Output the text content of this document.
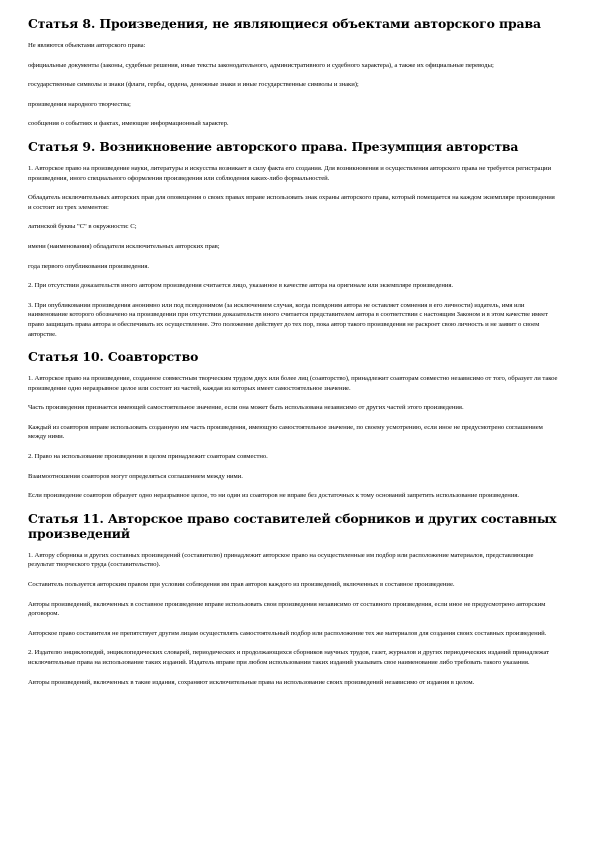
Статья 8. Произведения, не являющиеся объектами авторского права

Не являются объектами авторского права:

официальные документы (законы, судебные решения, иные тексты законодательного, административного и судебного характера), а также их официальные переводы;

государственные символы и знаки (флаги, гербы, ордена, денежные знаки и иные государственные символы и знаки);

произведения народного творчества;

сообщения о событиях и фактах, имеющие информационный характер.

Статья 9. Возникновение авторского права. Презумпция авторства

1. Авторское право на произведение науки, литературы и искусства возникает в силу факта его создания. Для возникновения и осуществления авторского права не требуется регистрации произведения, иного специального оформления произведения или соблюдения каких-либо формальностей.

Обладатель исключительных авторских прав для оповещения о своих правах вправе использовать знак охраны авторского права, который помещается на каждом экземпляре произведения и состоит из трех элементов:

латинской буквы "C" в окружности: C;

имени (наименования) обладателя исключительных авторских прав;

года первого опубликования произведения.

2. При отсутствии доказательств иного автором произведения считается лицо, указанное в качестве автора на оригинале или экземпляре произведения.

3. При опубликовании произведения анонимно или под псевдонимом (за исключением случая, когда псевдоним автора не оставляет сомнения в его личности) издатель, имя или наименование которого обозначено на произведении при отсутствии доказательств иного считается представителем автора в соответствии с настоящим Законом и в этом качестве имеет право защищать права автора и обеспечивать их осуществление. Это положение действует до тех пор, пока автор такого произведения не раскроет свою личность и не заявит о своем авторстве.

Статья 10. Соавторство

1. Авторское право на произведение, созданное совместным творческим трудом двух или более лиц (соавторство), принадлежит соавторам совместно независимо от того, образует ли такое произведение одно неразрывное целое или состоит из частей, каждая из которых имеет самостоятельное значение.

Часть произведения признается имеющей самостоятельное значение, если она может быть использована независимо от других частей этого произведения.

Каждый из соавторов вправе использовать созданную им часть произведения, имеющую самостоятельное значение, по своему усмотрению, если иное не предусмотрено соглашением между ними.

2. Право на использование произведения в целом принадлежит соавторам совместно.

Взаимоотношения соавторов могут определяться соглашением между ними.

Если произведение соавторов образует одно неразрывное целое, то ни один из соавторов не вправе без достаточных к тому оснований запретить использование произведения.

Статья 11. Авторское право составителей сборников и других составных произведений

1. Автору сборника и других составных произведений (составителю) принадлежит авторское право на осуществленные им подбор или расположение материалов, представляющие результат творческого труда (составительство).

Составитель пользуется авторским правом при условии соблюдения им прав авторов каждого из произведений, включенных в составное произведение.

Авторы произведений, включенных в составное произведение вправе использовать свои произведения независимо от составного произведения, если иное не предусмотрено авторским договором.

Авторское право составителя не препятствует другим лицам осуществлять самостоятельный подбор или расположение тех же материалов для создания своих составных произведений.

2. Издателю энциклопедий, энциклопедических словарей, периодических и продолжающихся сборников научных трудов, газет, журналов и других периодических изданий принадлежат исключительные права на использование таких изданий. Издатель вправе при любом использовании таких изданий указывать свое наименование либо требовать такого указания.

Авторы произведений, включенных в такие издания, сохраняют исключительные права на использование своих произведений независимо от издания в целом.
